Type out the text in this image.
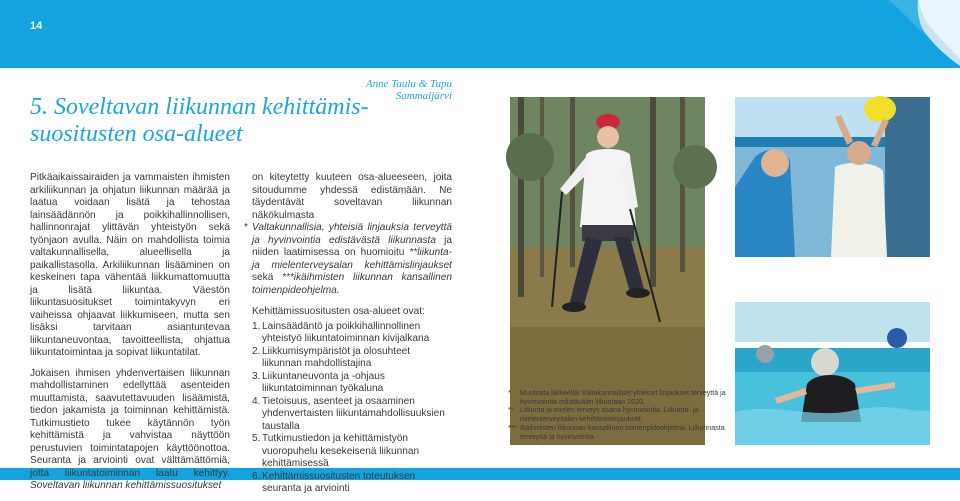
14
Anne Taulu & Tupu Sammaljärvi
5. Soveltavan liikunnan kehittämis-
suositusten osa-alueet

Pitkäaikaissairaiden ja vammaisten ihmisten arkiliikunnan ja ohjatun liikunnan määrää ja laatua voidaan lisätä ja tehostaa lainsäädännön ja poikkihallinnollisen, hallinnonrajat ylittävän yhteistyön sekä työnjaon avulla. Näin on mahdollista toimia valtakunnallisella, alueellisella ja paikallistasolla. Arkiliikunnan lisääminen on keskeinen tapa vähentää liikkumattomuutta ja lisätä liikuntaa. Väestön liikuntasuositukset toimintakyvyn eri vaiheissa ohjaavat liikkumiseen, mutta sen lisäksi tarvitaan asiantuntevaa liikuntaneuvontaa, tavoitteellista, ohjattua liikuntatoimintaa ja sopivat liikuntatilat.

Jokaisen ihmisen yhdenvertaisen liikunnan mahdollistaminen edellyttää asenteiden muuttamista, saavutettavuuden lisäämistä, tiedon jakamista ja toiminnan kehittämistä. Tutkimustieto tukee käytännön työn kehittämistä ja vahvistaa näyttöön perustuvien toimintatapojen käyttöönottoa. Seuranta ja arviointi ovat välttämättömiä, jotta liikuntatoiminnan laatu kehittyy. Soveltavan liikunnan kehittämissuositukset

on kiteytetty kuuteen osa-alueeseen, joita sitoudumme yhdessä edistämään. Ne täydentävät soveltavan liikunnan näkökulmasta
* Valtakunnallisia, yhteisiä linjauksia terveyttä ja hyvinvointia edistävästä liikunnasta ja niiden laatimisessa on huomioitu **liikunta- ja mielenterveysalan kehittämislinjaukset sekä ***ikäihmisten liikunnan kansallinen toimenpideohjelma.

Kehittämissuositusten osa-alueet ovat:
1. Lainsäädäntö ja poikkihallinnollinen yhteistyö liikuntatoiminnan kivijalkana
2. Liikkumisympäristöt ja olosuhteet liikunnan mahdollistajina
3. Liikuntaneuvonta ja -ohjaus liikuntatoiminnan työkaluna
4. Tietoisuus, asenteet ja osaaminen yhdenvertaisten liikuntamahdollisuuksien taustalla
5. Tutkimustiedon ja kehittämistyön vuoropuhelu kesekeisenä liikunnan kehittämisessä
6. Kehittämissuositusten toteutuksen seuranta ja arviointi
* Muutosta liikkeellä! Valtakunnalliset yhteiset linjaukset terveyttä ja hyvinvointia edistävään liikuntaan 2020.
** Liikunta ja mielen terveys osana hyvinvointia. Liikunta- ja mielenterveysalan kehittämislinjaukset.
*** Ikäihmisten liikunnan kansallinen toimenpideohjelma. Liikunnasta terveyttä ja hyvinvointia.
